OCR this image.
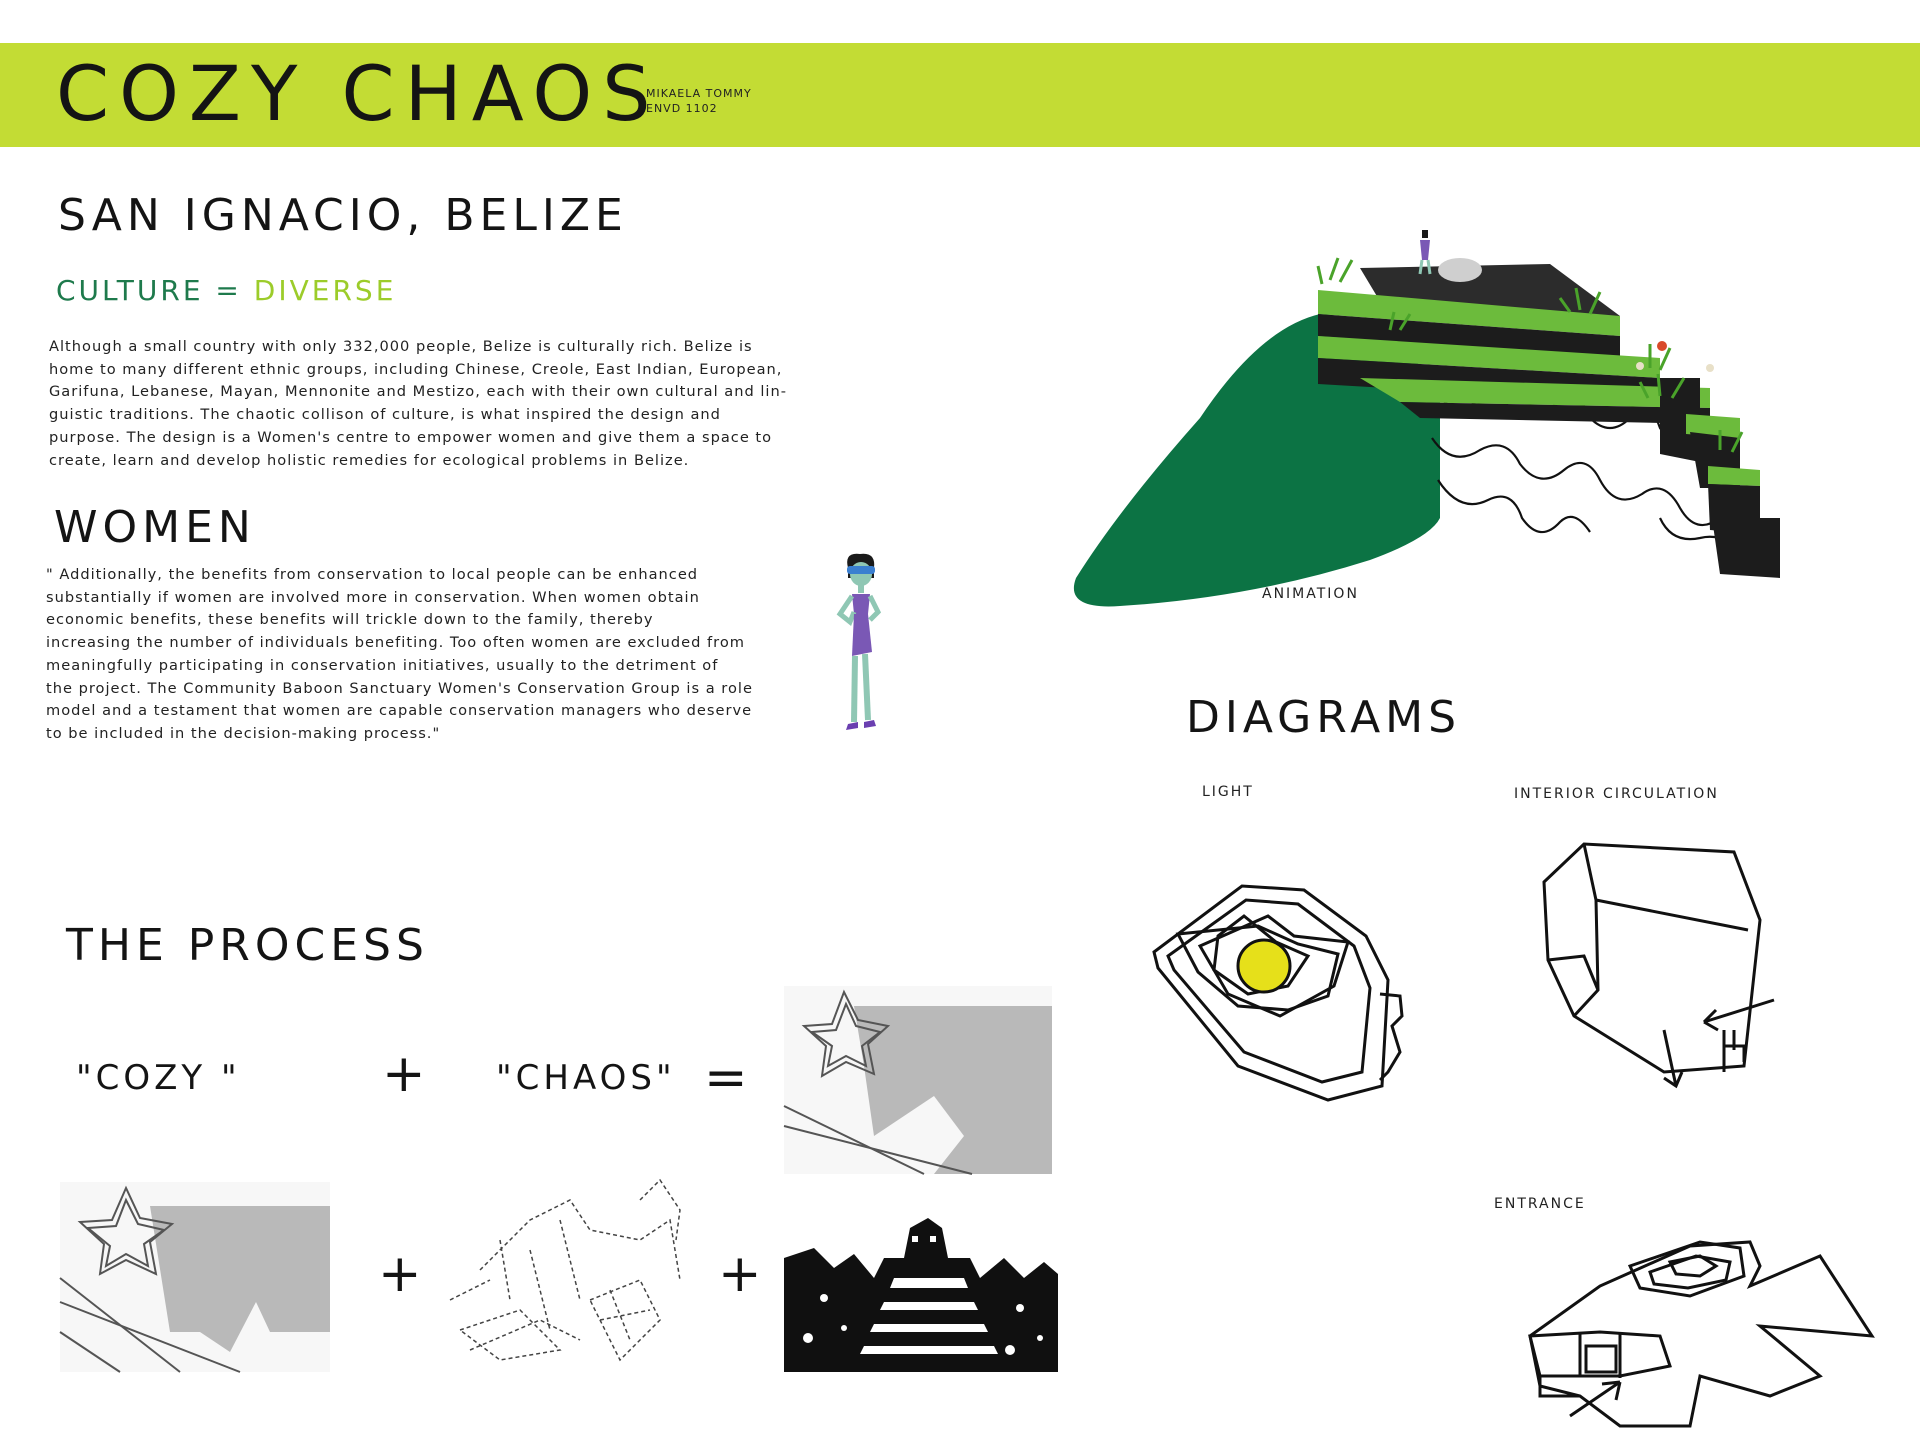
COZY CHAOS
MIKAELA TOMMY
ENVD 1102
SAN IGNACIO, BELIZE
CULTURE = DIVERSE

Although a small country with only 332,000 people, Belize is culturally rich. Belize is

home to many different ethnic groups, including Chinese, Creole, East Indian, European,

Garifuna, Lebanese, Mayan, Mennonite and Mestizo, each with their own cultural and lin-

guistic traditions. The chaotic collison of culture, is what inspired the design and

purpose. The design is a Women's centre to empower women and give them a space to

create, learn and develop holistic remedies for ecological problems in Belize.

WOMEN

" Additionally, the benefits from conservation to local people can be enhanced

substantially if women are involved more in conservation. When women obtain

economic benefits, these benefits will trickle down to the family, thereby

increasing the number of individuals benefiting. Too often women are excluded from

meaningfully participating in conservation initiatives, usually to the detriment of

the project. The Community Baboon Sanctuary Women's Conservation Group is a role

model and a testament that women are capable conservation managers who deserve

to be included in the decision-making process."

ANIMATION
DIAGRAMS
LIGHT	INTERIOR CIRCULATION
ENTRANCE
THE PROCESS
"COZY "	+ "CHAOS" =
+	+
